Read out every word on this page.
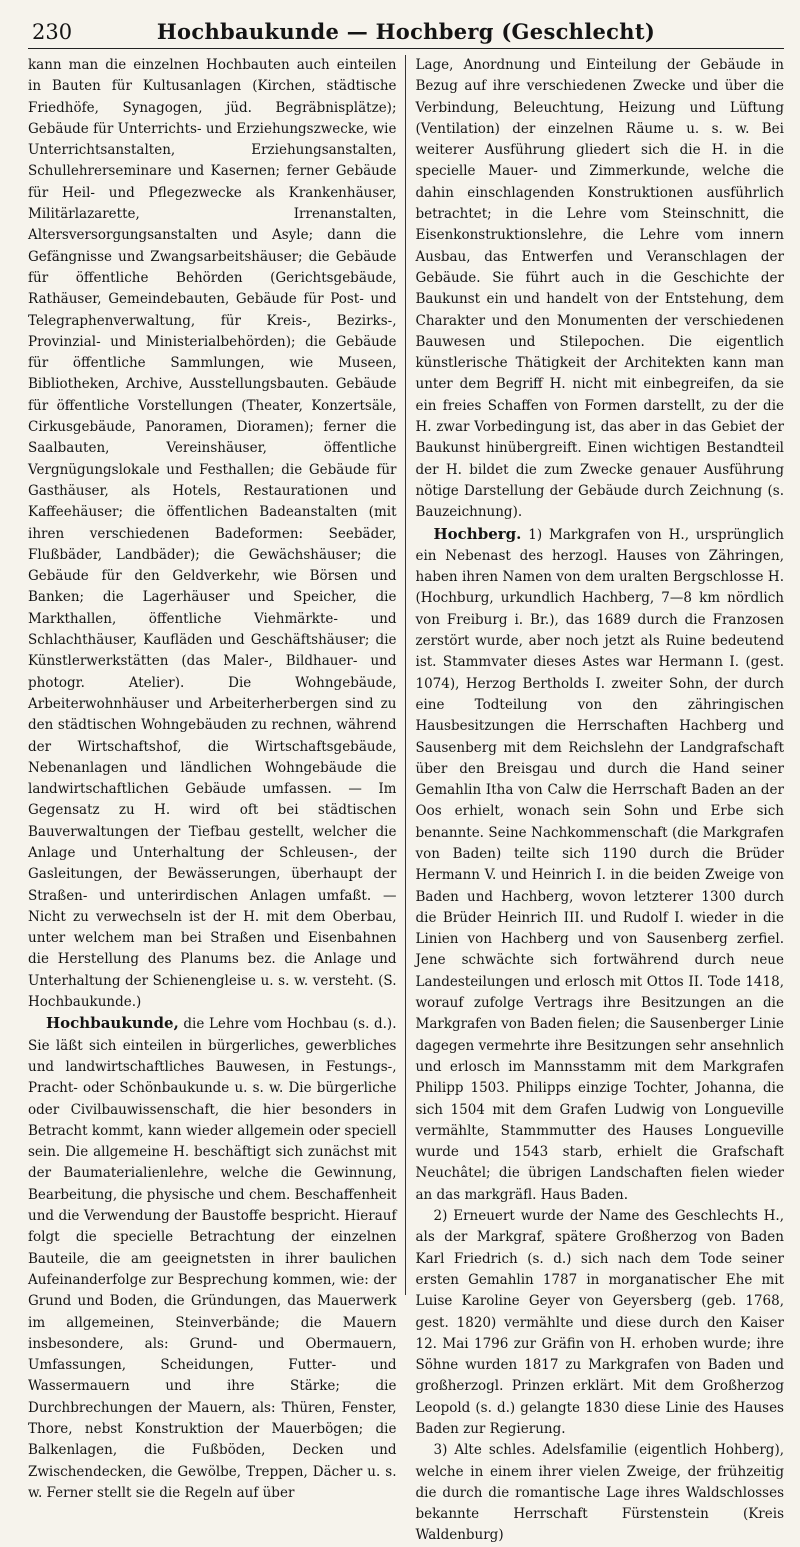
230	Hochbaukunde — Hochberg (Geschlecht)

kann man die einzelnen Hochbauten auch einteilen in Bauten für Kultusanlagen (Kirchen, städtische Friedhöfe, Synagogen, jüd. Begräbnisplätze); Gebäude für Unterrichts- und Erziehungszwecke, wie Unterrichtsanstalten, Erziehungsanstalten, Schullehrerseminare und Kasernen; ferner Gebäude für Heil- und Pflegezwecke als Krankenhäuser, Militärlazarette, Irrenanstalten, Altersversorgungsanstalten und Asyle; dann die Gefängnisse und Zwangsarbeitshäuser; die Gebäude für öffentliche Behörden (Gerichtsgebäude, Rathäuser, Gemeindebauten, Gebäude für Post- und Telegraphenverwaltung, für Kreis-, Bezirks-, Provinzial- und Ministerialbehörden); die Gebäude für öffentliche Sammlungen, wie Museen, Bibliotheken, Archive, Ausstellungsbauten. Gebäude für öffentliche Vorstellungen (Theater, Konzertsäle, Cirkusgebäude, Panoramen, Dioramen); ferner die Saalbauten, Vereinshäuser, öffentliche Vergnügungslokale und Festhallen; die Gebäude für Gasthäuser, als Hotels, Restaurationen und Kaffeehäuser; die öffentlichen Badeanstalten (mit ihren verschiedenen Badeformen: Seebäder, Flußbäder, Landbäder); die Gewächshäuser; die Gebäude für den Geldverkehr, wie Börsen und Banken; die Lagerhäuser und Speicher, die Markthallen, öffentliche Viehmärkte- und Schlachthäuser, Kaufläden und Geschäftshäuser; die Künstlerwerkstätten (das Maler-, Bildhauer- und photogr. Atelier). Die Wohngebäude, Arbeiterwohnhäuser und Arbeiterherbergen sind zu den städtischen Wohngebäuden zu rechnen, während der Wirtschaftshof, die Wirtschaftsgebäude, Nebenanlagen und ländlichen Wohngebäude die landwirtschaftlichen Gebäude umfassen. — Im Gegensatz zu H. wird oft bei städtischen Bauverwaltungen der Tiefbau gestellt, welcher die Anlage und Unterhaltung der Schleusen-, der Gasleitungen, der Bewässerungen, überhaupt der Straßen- und unterirdischen Anlagen umfaßt. — Nicht zu verwechseln ist der H. mit dem Oberbau, unter welchem man bei Straßen und Eisenbahnen die Herstellung des Planums bez. die Anlage und Unterhaltung der Schienengleise u. s. w. versteht. (S. Hochbaukunde.)

Hochbaukunde, die Lehre vom Hochbau (s. d.). Sie läßt sich einteilen in bürgerliches, gewerbliches und landwirtschaftliches Bauwesen, in Festungs-, Pracht- oder Schönbaukunde u. s. w. Die bürgerliche oder Civilbauwissenschaft, die hier besonders in Betracht kommt, kann wieder allgemein oder speciell sein. Die allgemeine H. beschäftigt sich zunächst mit der Baumaterialienlehre, welche die Gewinnung, Bearbeitung, die physische und chem. Beschaffenheit und die Verwendung der Baustoffe bespricht. Hierauf folgt die specielle Betrachtung der einzelnen Bauteile, die am geeignetsten in ihrer baulichen Aufeinanderfolge zur Besprechung kommen, wie: der Grund und Boden, die Gründungen, das Mauerwerk im allgemeinen, Steinverbände; die Mauern insbesondere, als: Grund- und Obermauern, Umfassungen, Scheidungen, Futter- und Wassermauern und ihre Stärke; die Durchbrechungen der Mauern, als: Thüren, Fenster, Thore, nebst Konstruktion der Mauerbögen; die Balkenlagen, die Fußböden, Decken und Zwischendecken, die Gewölbe, Treppen, Dächer u. s. w. Ferner stellt sie die Regeln auf über

Lage, Anordnung und Einteilung der Gebäude in Bezug auf ihre verschiedenen Zwecke und über die Verbindung, Beleuchtung, Heizung und Lüftung (Ventilation) der einzelnen Räume u. s. w. Bei weiterer Ausführung gliedert sich die H. in die specielle Mauer- und Zimmerkunde, welche die dahin einschlagenden Konstruktionen ausführlich betrachtet; in die Lehre vom Steinschnitt, die Eisenkonstruktionslehre, die Lehre vom innern Ausbau, das Entwerfen und Veranschlagen der Gebäude. Sie führt auch in die Geschichte der Baukunst ein und handelt von der Entstehung, dem Charakter und den Monumenten der verschiedenen Bauwesen und Stilepochen. Die eigentlich künstlerische Thätigkeit der Architekten kann man unter dem Begriff H. nicht mit einbegreifen, da sie ein freies Schaffen von Formen darstellt, zu der die H. zwar Vorbedingung ist, das aber in das Gebiet der Baukunst hinübergreift. Einen wichtigen Bestandteil der H. bildet die zum Zwecke genauer Ausführung nötige Darstellung der Gebäude durch Zeichnung (s. Bauzeichnung).

Hochberg. 1) Markgrafen von H., ursprünglich ein Nebenast des herzogl. Hauses von Zähringen, haben ihren Namen von dem uralten Bergschlosse H. (Hochburg, urkundlich Hachberg, 7—8 km nördlich von Freiburg i. Br.), das 1689 durch die Franzosen zerstört wurde, aber noch jetzt als Ruine bedeutend ist. Stammvater dieses Astes war Hermann I. (gest. 1074), Herzog Bertholds I. zweiter Sohn, der durch eine Todteilung von den zähringischen Hausbesitzungen die Herrschaften Hachberg und Sausenberg mit dem Reichslehn der Landgrafschaft über den Breisgau und durch die Hand seiner Gemahlin Itha von Calw die Herrschaft Baden an der Oos erhielt, wonach sein Sohn und Erbe sich benannte. Seine Nachkommenschaft (die Markgrafen von Baden) teilte sich 1190 durch die Brüder Hermann V. und Heinrich I. in die beiden Zweige von Baden und Hachberg, wovon letzterer 1300 durch die Brüder Heinrich III. und Rudolf I. wieder in die Linien von Hachberg und von Sausenberg zerfiel. Jene schwächte sich fortwährend durch neue Landesteilungen und erlosch mit Ottos II. Tode 1418, worauf zufolge Vertrags ihre Besitzungen an die Markgrafen von Baden fielen; die Sausenberger Linie dagegen vermehrte ihre Besitzungen sehr ansehnlich und erlosch im Mannsstamm mit dem Markgrafen Philipp 1503. Philipps einzige Tochter, Johanna, die sich 1504 mit dem Grafen Ludwig von Longueville vermählte, Stammmutter des Hauses Longueville wurde und 1543 starb, erhielt die Grafschaft Neuchâtel; die übrigen Landschaften fielen wieder an das markgräfl. Haus Baden.

2) Erneuert wurde der Name des Geschlechts H., als der Markgraf, spätere Großherzog von Baden Karl Friedrich (s. d.) sich nach dem Tode seiner ersten Gemahlin 1787 in morganatischer Ehe mit Luise Karoline Geyer von Geyersberg (geb. 1768, gest. 1820) vermählte und diese durch den Kaiser 12. Mai 1796 zur Gräfin von H. erhoben wurde; ihre Söhne wurden 1817 zu Markgrafen von Baden und großherzogl. Prinzen erklärt. Mit dem Großherzog Leopold (s. d.) gelangte 1830 diese Linie des Hauses Baden zur Regierung.

3) Alte schles. Adelsfamilie (eigentlich Hohberg), welche in einem ihrer vielen Zweige, der frühzeitig die durch die romantische Lage ihres Waldschlosses bekannte Herrschaft Fürstenstein (Kreis Waldenburg)
